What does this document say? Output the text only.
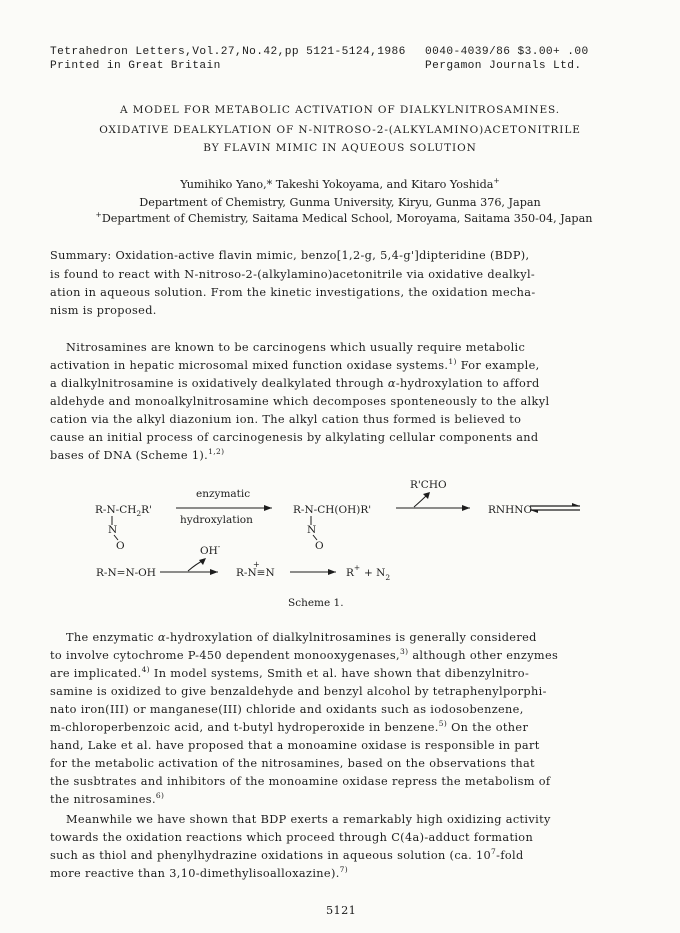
Tetrahedron Letters,Vol.27,No.42,pp 5121-5124,1986 0040-4039/86 $3.00+ .00
Printed in Great Britain	Pergamon Journals Ltd.
A MODEL FOR METABOLIC ACTIVATION OF DIALKYLNITROSAMINES.
OXIDATIVE DEALKYLATION OF N-NITROSO-2-(ALKYLAMINO)ACETONITRILE
BY FLAVIN MIMIC IN AQUEOUS SOLUTION
Yumihiko Yano,* Takeshi Yokoyama, and Kitaro Yoshida+
Department of Chemistry, Gunma University, Kiryu, Gunma 376, Japan
+Department of Chemistry, Saitama Medical School, Moroyama, Saitama 350-04, Japan
Summary: Oxidation-active flavin mimic, benzo[1,2-g, 5,4-g']dipteridine (BDP),
is found to react with N-nitroso-2-(alkylamino)acetonitrile via oxidative dealkyl-
ation in aqueous solution. From the kinetic investigations, the oxidation mecha-
nism is proposed.
Nitrosamines are known to be carcinogens which usually require metabolic
activation in hepatic microsomal mixed function oxidase systems.$^{1)}$ For example,
a dialkylnitrosamine is oxidatively dealkylated through α-hydroxylation to afford
aldehyde and monoalkylnitrosamine which decomposes sponteneously to the alkyl
cation via the alkyl diazonium ion. The alkyl cation thus formed is believed to
cause an initial process of carcinogenesis by alkylating cellular components and
bases of DNA (Scheme 1).$^{1,2)}$
$R-N-CH_2R'$
N
O
enzymatic
hydroxylation
R-N-CH(OH)R'
N
O
R'CHO
RNHNO
OH-
R-N=N-OH	R-N≡N
+
$R^+ + N_2$
Scheme 1.
The enzymatic α-hydroxylation of dialkylnitrosamines is generally considered
to involve cytochrome P-450 dependent monooxygenases,$^{3)}$ although other enzymes
are implicated.$^{4)}$ In model systems, Smith et al. have shown that dibenzylnitro-
samine is oxidized to give benzaldehyde and benzyl alcohol by tetraphenylporphi-
nato iron(III) or manganese(III) chloride and oxidants such as iodosobenzene,
m-chloroperbenzoic acid, and t-butyl hydroperoxide in benzene.$^{5)}$ On the other
hand, Lake et al. have proposed that a monoamine oxidase is responsible in part
for the metabolic activation of the nitrosamines, based on the observations that
the susbtrates and inhibitors of the monoamine oxidase repress the metabolism of
the nitrosamines.$^{6)}$
Meanwhile we have shown that BDP exerts a remarkably high oxidizing activity
towards the oxidation reactions which proceed through C(4a)-adduct formation
such as thiol and phenylhydrazine oxidations in aqueous solution (ca. $10^7$-fold
more reactive than 3,10-dimethylisoalloxazine).$^{7)}$
5121
